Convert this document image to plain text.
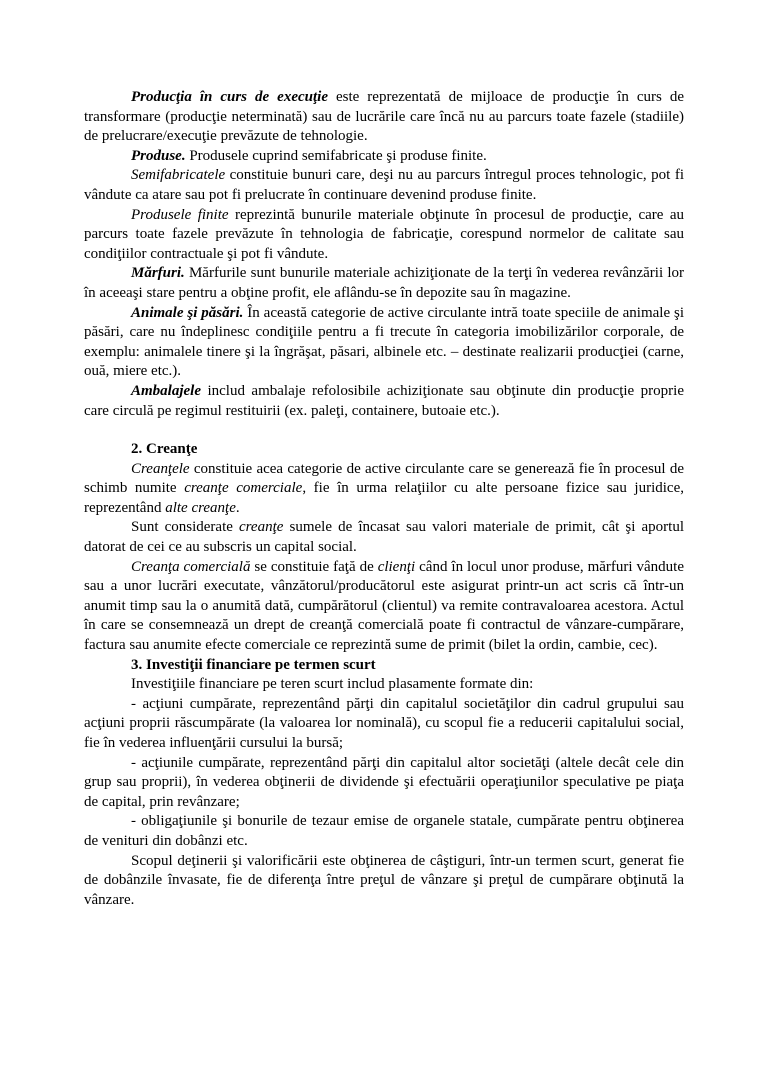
Producţia în curs de execuţie este reprezentată de mijloace de producţie în curs de transformare (producţie neterminată) sau de lucrările care încă nu au parcurs toate fazele (stadiile) de prelucrare/execuţie prevăzute de tehnologie.

Produse. Produsele cuprind semifabricate şi produse finite.

Semifabricatele constituie bunuri care, deşi nu au parcurs întregul proces tehnologic, pot fi vândute ca atare sau pot fi prelucrate în continuare devenind produse finite.

Produsele finite reprezintă bunurile materiale obţinute în procesul de producţie, care au parcurs toate fazele prevăzute în tehnologia de fabricaţie, corespund normelor de calitate sau condiţiilor contractuale şi pot fi vândute.

Mărfuri. Mărfurile sunt bunurile materiale achiziţionate de la terţi în vederea revânzării lor în aceeaşi stare pentru a obţine profit, ele aflându-se în depozite sau în magazine.

Animale şi păsări. În această categorie de active circulante intră toate speciile de animale şi păsări, care nu îndeplinesc condiţiile pentru a fi trecute în categoria imobilizărilor corporale, de exemplu: animalele tinere şi la îngrăşat, păsari, albinele etc. – destinate realizarii producţiei (carne, ouă, miere etc.).

Ambalajele includ ambalaje refolosibile achiziţionate sau obţinute din producţie proprie care circulă pe regimul restituirii (ex. paleţi, containere, butoaie etc.).

2. Creanţe

Creanţele constituie acea categorie de active circulante care se generează fie în procesul de schimb numite creanţe comerciale, fie în urma relaţiilor cu alte persoane fizice sau juridice, reprezentând alte creanţe.

Sunt considerate creanţe sumele de încasat sau valori materiale de primit, cât şi aportul datorat de cei ce au subscris un capital social.

Creanţa comercială se constituie faţă de clienţi când în locul unor produse, mărfuri vândute sau a unor lucrări executate, vânzătorul/producătorul este asigurat printr-un act scris că într-un anumit timp sau la o anumită dată, cumpărătorul (clientul) va remite contravaloarea acestora. Actul în care se consemnează un drept de creanţă comercială poate fi contractul de vânzare-cumpărare, factura sau anumite efecte comerciale ce reprezintă sume de primit (bilet la ordin, cambie, cec).

3. Investiţii financiare pe termen scurt

Investiţiile financiare pe teren scurt includ plasamente formate din:

- acţiuni cumpărate, reprezentând părţi din capitalul societăţilor din cadrul grupului sau acţiuni proprii răscumpărate (la valoarea lor nominală), cu scopul fie a reducerii capitalului social, fie în vederea influenţării cursului la bursă;

- acţiunile cumpărate, reprezentând părţi din capitalul altor societăţi (altele decât cele din grup sau proprii), în vederea obţinerii de dividende şi efectuării operaţiunilor speculative pe piaţa de capital, prin revânzare;

- obligaţiunile şi bonurile de tezaur emise de organele statale, cumpărate pentru obţinerea de venituri din dobânzi etc.

Scopul deţinerii şi valorificării este obţinerea de câştiguri, într-un termen scurt, generat fie de dobânzile învasate, fie de diferenţa între preţul de vânzare şi preţul de cumpărare obţinută la vânzare.
